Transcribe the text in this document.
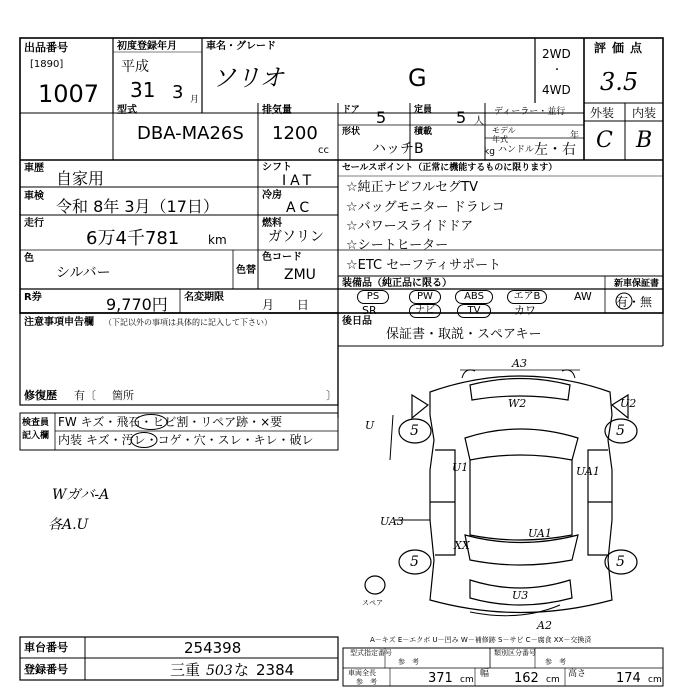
出品番号
[1890]
1007
初度登録年月
平成
31 3 月
車名・グレード
ソリオ	G
2WD
・
4WD
評価点
3.5
外装 内装
C B
型式
DBA-MA26S
排気量
1200
cc
ドア 5	定員 5 人
ディーラー・並行
モデル
年式	年
形状
ハッチB
積載
kg ハンドル 左・右
車歴
自家用
車検
令和 8年 3月（17日）
走行
6万4千781 km
色
シルバー	色替
シフト
IAT
冷房
AC
燃料
ガソリン
色コード
ZMU
R券	9,770円 名変期限
月      日
セールスポイント（正常に機能するものに限ります）
☆純正ナビフルセグTV
☆バッグモニター ドラレコ
☆パワースライドドア
☆シートヒーター
☆ETC セーフティサポート
装備品（純正品に限る）	新車保証書
有・無
PS	PW	ABS	エアB	AW
SR	ナビ	TV	カワ
後日品
保証書・取説・スペアキー
注意事項申告欄 （下記以外の事項は具体的に記入して下さい）
修復歴 有〔 箇所	〕
検査員
記入欄
FW キズ・飛石・ヒビ割・リペア跡・×要
内装 キズ・汚レ・コゲ・穴・スレ・キレ・破レ
Wガバ-A
各A.U
A3
W2	U2
U1	UA1
UA3
XX
UA1
U3
A2
U	5	5
5	5
スペア
A－キズ E－エクボ U－凹み W－補修跡 S－サビ C－腐食 XX－交換済
車台番号	254398
登録番号	三重 503 な 2384
型式指定番号
参　考
類別区分番号
参　考
車両全長
参　考	371 cm
幅 162 cm
高さ 174 cm
